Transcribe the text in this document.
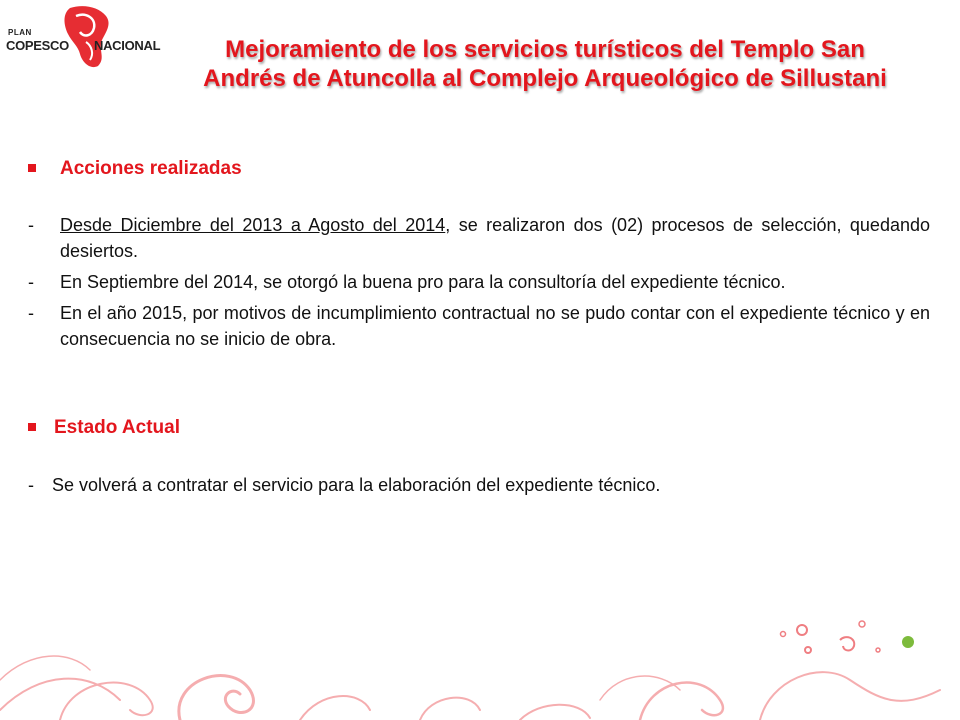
PLAN
COPESCO NACIONAL	Mejoramiento de los servicios turísticos del Templo San
Andrés de Atuncolla al Complejo Arqueológico de Sillustani
Acciones realizadas
- Desde Diciembre del 2013 a Agosto del 2014, se realizaron dos (02) procesos de selección, quedando desiertos.
- En Septiembre del 2014, se otorgó la buena pro para la consultoría del expediente técnico.
- En el año 2015, por motivos de incumplimiento contractual no se pudo contar con el expediente técnico y en consecuencia no se inicio de obra.
Estado Actual
- Se volverá a contratar el servicio para la elaboración del expediente técnico.
